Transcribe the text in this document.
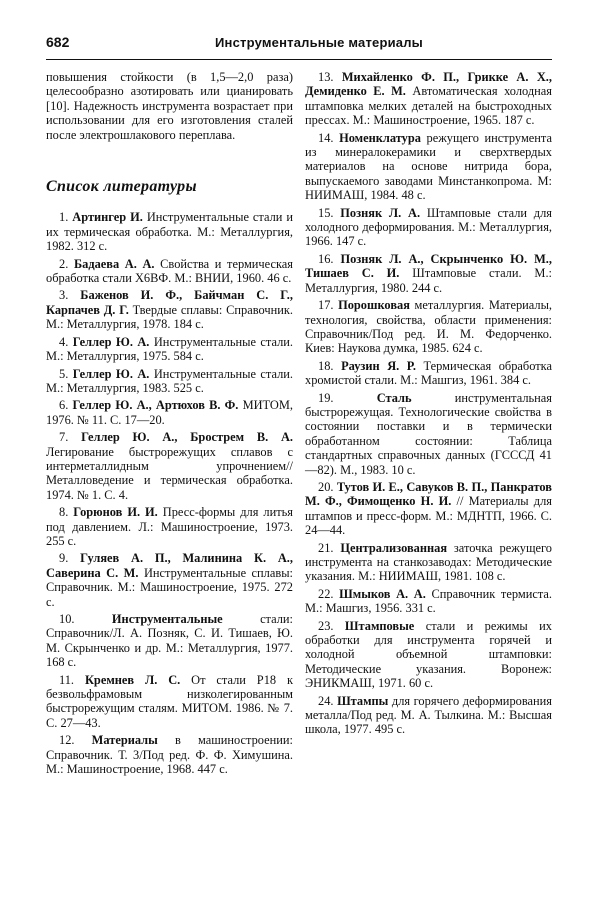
682	Инструментальные материалы

повышения стойкости (в 1,5—2,0 раза) целесообразно азотировать или цианировать [10]. Надежность инструмента возрастает при использовании для его изготовления сталей после электрошлакового переплава.

Список литературы

1. Артингер И. Инструментальные стали и их термическая обработка. М.: Металлургия, 1982. 312 с.

2. Бадаева А. А. Свойства и термическая обработка стали Х6ВФ. М.: ВНИИ, 1960. 46 с.

3. Баженов И. Ф., Байчман С. Г., Карпачев Д. Г. Твердые сплавы: Справочник. М.: Металлургия, 1978. 184 с.

4. Геллер Ю. А. Инструментальные стали. М.: Металлургия, 1975. 584 с.

5. Геллер Ю. А. Инструментальные стали. М.: Металлургия, 1983. 525 с.

6. Геллер Ю. А., Артюхов В. Ф. МИТОМ, 1976. № 11. С. 17—20.

7. Геллер Ю. А., Брострем В. А. Легирование быстрорежущих сплавов с интерметаллидным упрочнением//Металловедение и термическая обработка. 1974. № 1. С. 4.

8. Горюнов И. И. Пресс-формы для литья под давлением. Л.: Машиностроение, 1973. 255 с.

9. Гуляев А. П., Малинина К. А., Саверина С. М. Инструментальные сплавы: Справочник. М.: Машиностроение, 1975. 272 с.

10.	Инструментальные	стали: Справочник/Л. А. Позняк, С. И. Тишаев, Ю. М. Скрынченко и др. М.: Металлургия, 1977. 168 с.

11. Кремнев Л. С. От стали Р18 к безвольфрамовым низколегированным быстрорежущим сталям. МИТОМ. 1986. № 7. С. 27—43.

12. Материалы в машиностроении: Справочник. Т. 3/Под ред. Ф. Ф. Химушина. М.: Машиностроение, 1968. 447 с.

13. Михайленко Ф. П., Грикке А. Х., Демиденко Е. М. Автоматическая холодная штамповка мелких деталей на быстроходных прессах. М.: Машиностроение, 1965. 187 с.

14. Номенклатура режущего инструмента из минералокерамики и сверхтвердых материалов на основе нитрида бора, выпускаемого заводами Минстанкопрома. М: НИИМАШ, 1984. 48 с.

15. Позняк Л. А. Штамповые стали для холодного деформирования. М.: Металлургия, 1966. 147 с.

16. Позняк Л. А., Скрынченко Ю. М., Тишаев С. И. Штамповые стали. М.: Металлургия, 1980. 244 с.

17. Порошковая металлургия. Материалы, технология, свойства, области применения: Справочник/Под ред. И. М. Федорченко. Киев: Наукова думка, 1985. 624 с.

18. Раузин Я. Р. Термическая обработка хромистой стали. М.: Машгиз, 1961. 384 с.

19.	Сталь	инструментальная быстрорежущая. Технологические свойства в состоянии поставки и в термически обработанном состоянии: Таблица стандартных справочных данных (ГСССД 41—82). М., 1983. 10 с.

20. Тутов И. Е., Савуков В. П., Панкратов М. Ф., Фимощенко Н. И. // Материалы для штампов и пресс-форм. М.: МДНТП, 1966. С. 24—44.

21. Централизованная заточка режущего инструмента на станкозаводах: Методические указания. М.: НИИМАШ, 1981. 108 с.

22. Шмыков А. А. Справочник термиста. М.: Машгиз, 1956. 331 с.

23. Штамповые стали и режимы их обработки для инструмента горячей и холодной объемной штамповки: Методические указания. Воронеж: ЭНИКМАШ, 1971. 60 с.

24. Штампы для горячего деформирования металла/Под ред. М. А. Тылкина. М.: Высшая школа, 1977. 495 с.
